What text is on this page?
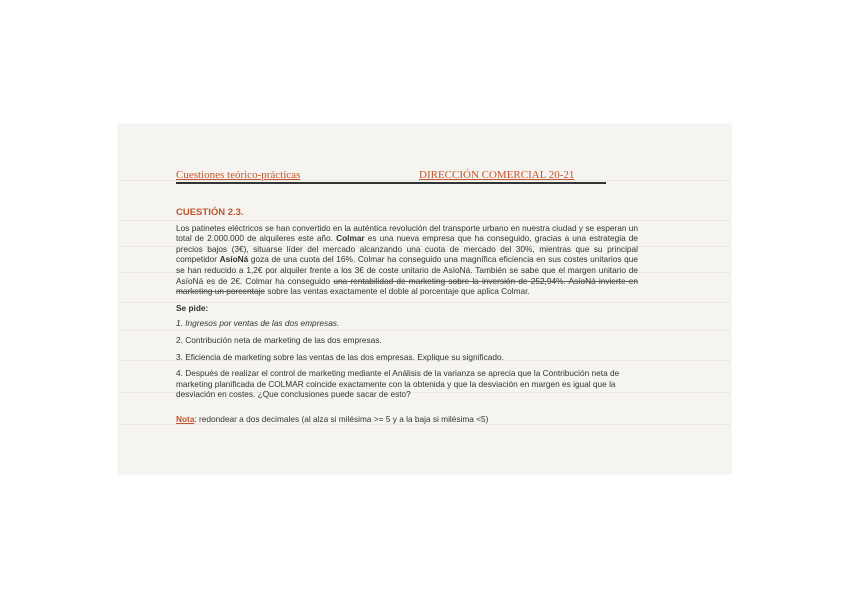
Cuestiones teórico-prácticas	DIRECCIÓN COMERCIAL 20-21
CUESTIÓN 2.3.

Los patinetes eléctricos se han convertido en la auténtica revolución del transporte urbano en nuestra ciudad y se esperan un total de 2.000.000 de alquileres este año. Colmar es una nueva empresa que ha conseguido, gracias a una estrategia de precios bajos (3€), situarse líder del mercado alcanzando una cuota de mercado del 30%, mientras que su principal competidor AsíoNá goza de una cuota del 16%. Colmar ha conseguido una magnífica eficiencia en sus costes unitarios que se han reducido a 1,2€ por alquiler frente a los 3€ de coste unitario de AsíoNá. También se sabe que el margen unitario de AsíoNá es de 2€. Colmar ha conseguido una rentabilidad de marketing sobre la inversión de 252,94%. AsíoNá invierte en marketing un porcentaje sobre las ventas exactamente el doble al porcentaje que aplica Colmar.

Se pide:
1. Ingresos por ventas de las dos empresas.
2. Contribución neta de marketing de las dos empresas.
3. Eficiencia de marketing sobre las ventas de las dos empresas. Explique su significado.
4. Después de realizar el control de marketing mediante el Análisis de la varianza se aprecia que la Contribución neta de marketing planificada de COLMAR coincide exactamente con la obtenida y que la desviación en margen es igual que la desviación en costes. ¿Que conclusiones puede sacar de esto?
Nota: redondear a dos decimales (al alza si milésima >= 5 y a la baja si milésima <5)
